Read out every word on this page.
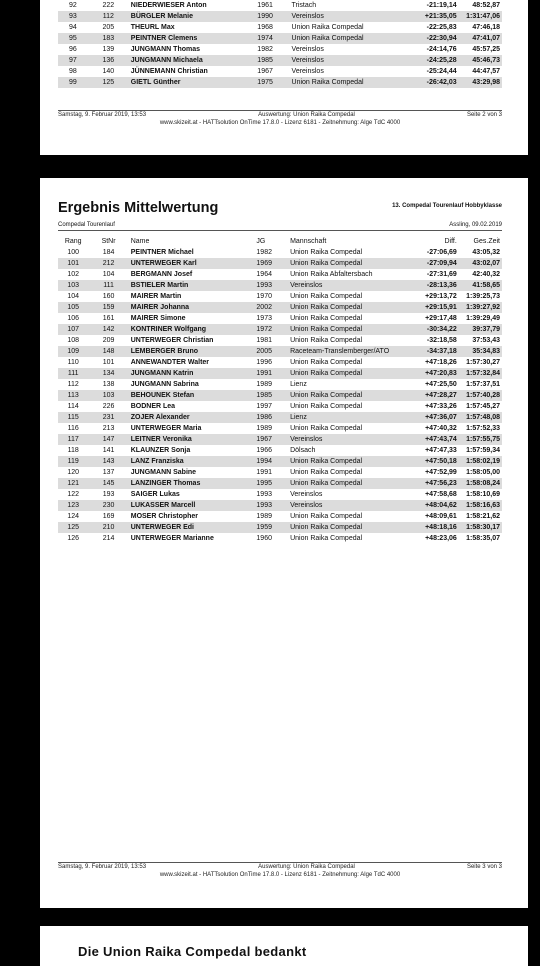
92	222	NIEDERWIESER Anton	1961	Tristach	-21:19,14	48:52,87
93	112	BÜRGLER Melanie	1990	Vereinslos	+21:35,05	1:31:47,06
94	205	THEURL Max	1968	Union Raika Compedal	-22:25,83	47:46,18
95	183	PEINTNER Clemens	1974	Union Raika Compedal	-22:30,94	47:41,07
96	139	JUNGMANN Thomas	1982	Vereinslos	-24:14,76	45:57,25
97	136	JUNGMANN Michaela	1985	Vereinslos	-24:25,28	45:46,73
98	140	JÜNNEMANN Christian	1967	Vereinslos	-25:24,44	44:47,57
99	125	GIETL Günther	1975	Union Raika Compedal	-26:42,03	43:29,98
Samstag, 9. Februar 2019, 13:53	Auswertung: Union Raika Compedal	Seite 2 von 3
www.skizeit.at - HATTsolution OnTime 17.8.0 - Lizenz 6181 - Zeitnehmung: Alge TdC 4000
Ergebnis Mittelwertung	13. Compedal Tourenlauf Hobbyklasse
Compedal Tourenlauf	Assling, 09.02.2019
Rang	StNr	Name	JG	Mannschaft	Diff.	Ges.Zeit
100	184	PEINTNER Michael	1982	Union Raika Compedal	-27:06,69	43:05,32
101	212	UNTERWEGER Karl	1969	Union Raika Compedal	-27:09,94	43:02,07
102	104	BERGMANN Josef	1964	Union Raika Abfaltersbach	-27:31,69	42:40,32
103	111	BSTIELER Martin	1993	Vereinslos	-28:13,36	41:58,65
104	160	MAIRER Martin	1970	Union Raika Compedal	+29:13,72	1:39:25,73
105	159	MAIRER Johanna	2002	Union Raika Compedal	+29:15,91	1:39:27,92
106	161	MAIRER Simone	1973	Union Raika Compedal	+29:17,48	1:39:29,49
107	142	KONTRINER Wolfgang	1972	Union Raika Compedal	-30:34,22	39:37,79
108	209	UNTERWEGER Christian	1981	Union Raika Compedal	-32:18,58	37:53,43
109	148	LEMBERGER Bruno	2005	Raceteam-Translemberger/ATO	-34:37,18	35:34,83
110	101	ANNEWANDTER Walter	1996	Union Raika Compedal	+47:18,26	1:57:30,27
111	134	JUNGMANN Katrin	1991	Union Raika Compedal	+47:20,83	1:57:32,84
112	138	JUNGMANN Sabrina	1989	Lienz	+47:25,50	1:57:37,51
113	103	BEHOUNEK Stefan	1985	Union Raika Compedal	+47:28,27	1:57:40,28
114	226	BODNER Lea	1997	Union Raika Compedal	+47:33,26	1:57:45,27
115	231	ZOJER Alexander	1986	Lienz	+47:36,07	1:57:48,08
116	213	UNTERWEGER Maria	1989	Union Raika Compedal	+47:40,32	1:57:52,33
117	147	LEITNER Veronika	1967	Vereinslos	+47:43,74	1:57:55,75
118	141	KLAUNZER Sonja	1966	Dölsach	+47:47,33	1:57:59,34
119	143	LANZ Franziska	1994	Union Raika Compedal	+47:50,18	1:58:02,19
120	137	JUNGMANN Sabine	1991	Union Raika Compedal	+47:52,99	1:58:05,00
121	145	LANZINGER Thomas	1995	Union Raika Compedal	+47:56,23	1:58:08,24
122	193	SAIGER Lukas	1993	Vereinslos	+47:58,68	1:58:10,69
123	230	LUKASSER Marcell	1993	Vereinslos	+48:04,62	1:58:16,63
124	169	MOSER Christopher	1989	Union Raika Compedal	+48:09,61	1:58:21,62
125	210	UNTERWEGER Edi	1959	Union Raika Compedal	+48:18,16	1:58:30,17
126	214	UNTERWEGER Marianne	1960	Union Raika Compedal	+48:23,06	1:58:35,07
Samstag, 9. Februar 2019, 13:53	Auswertung: Union Raika Compedal	Seite 3 von 3
www.skizeit.at - HATTsolution OnTime 17.8.0 - Lizenz 6181 - Zeitnehmung: Alge TdC 4000
Die Union Raika Compedal bedankt
